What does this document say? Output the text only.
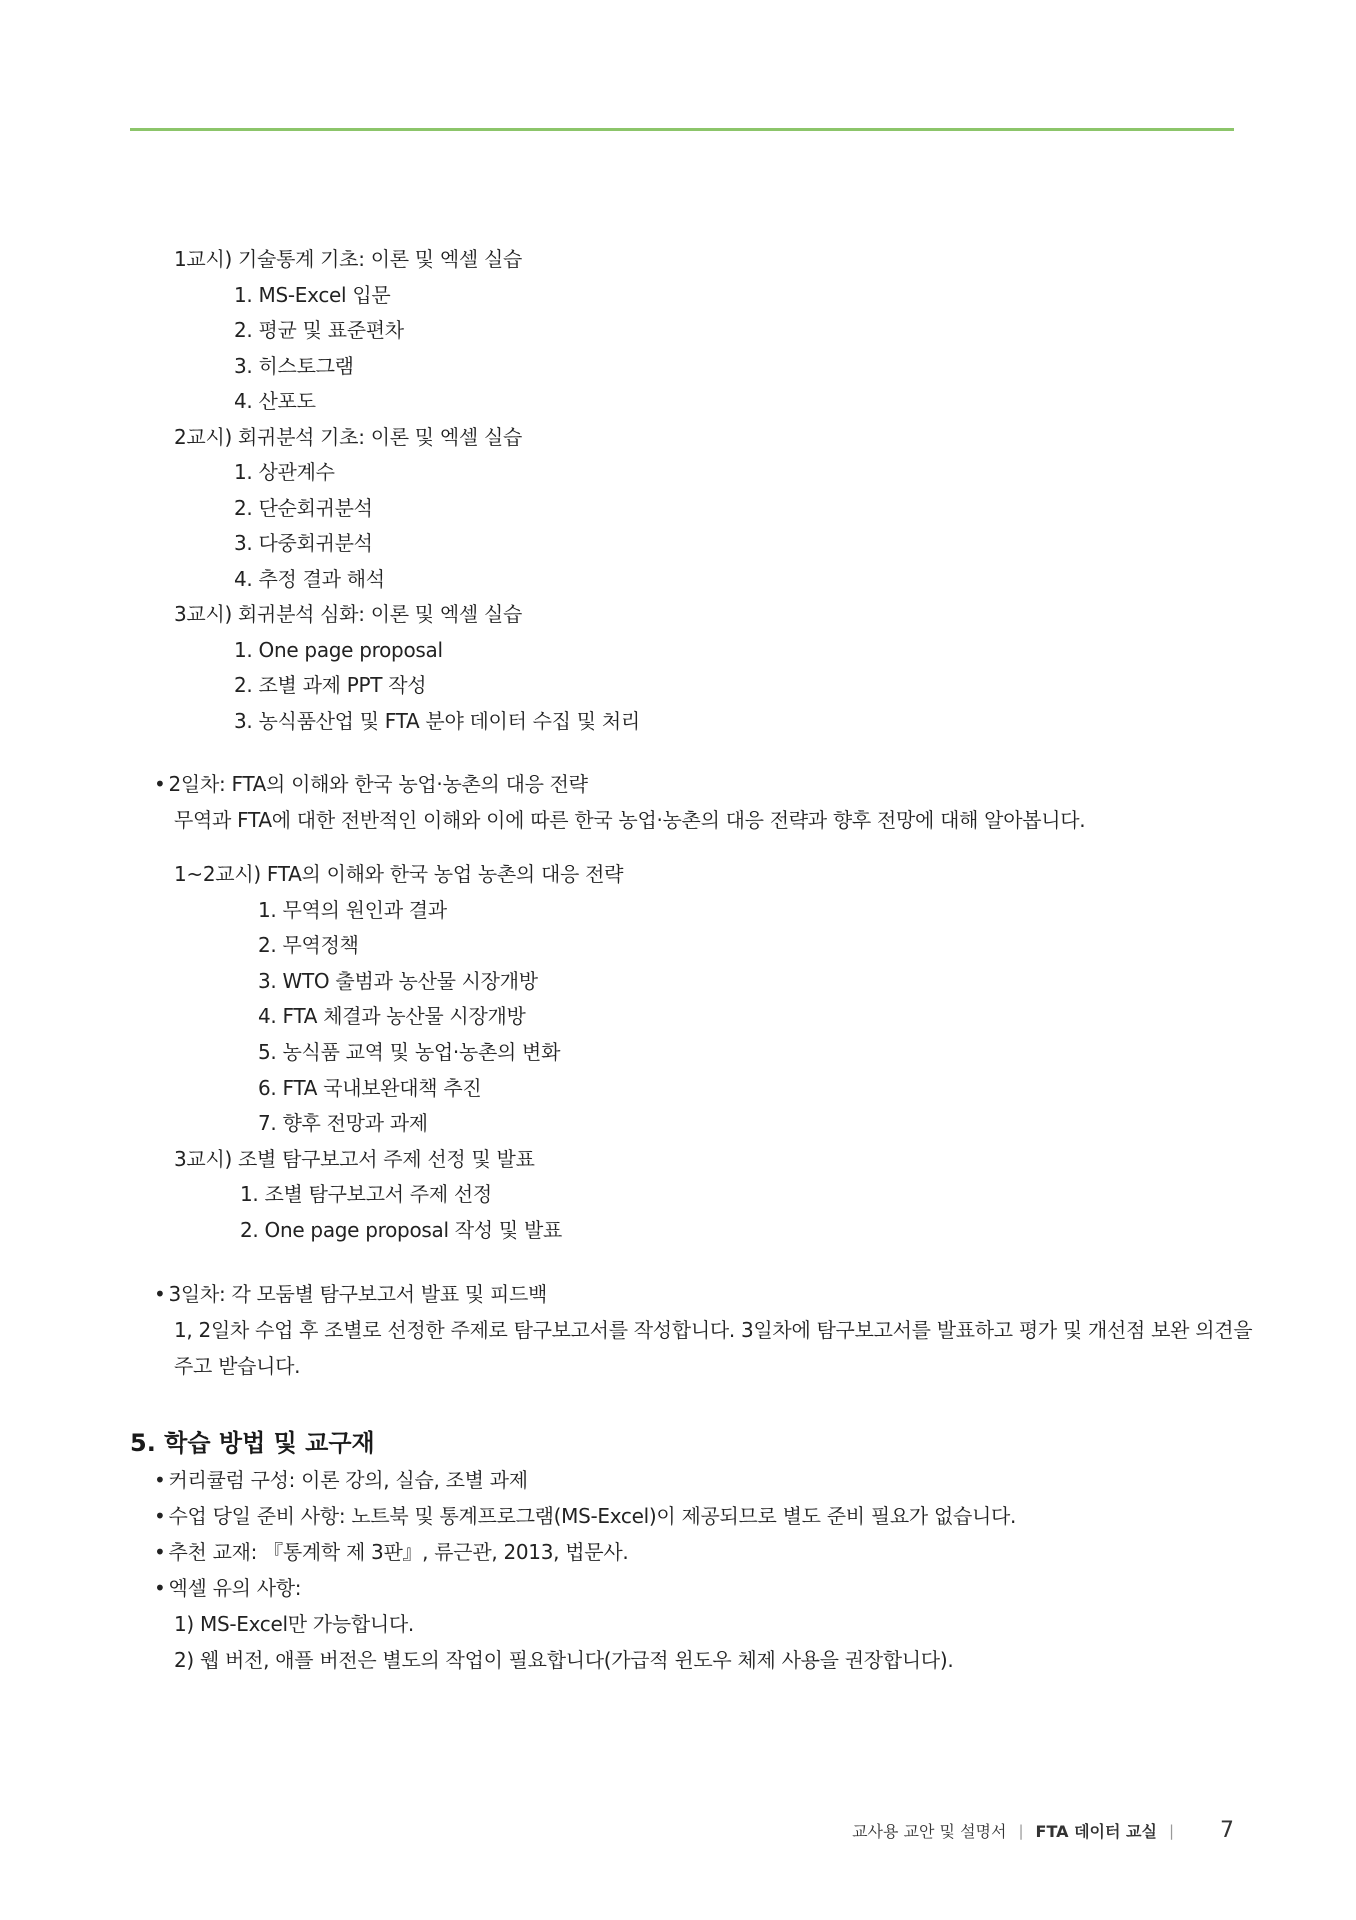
1교시) 기술통계 기초: 이론 및 엑셀 실습
1. MS-Excel 입문
2. 평균 및 표준편차
3. 히스토그램
4. 산포도
2교시) 회귀분석 기초: 이론 및 엑셀 실습
1. 상관계수
2. 단순회귀분석
3. 다중회귀분석
4. 추정 결과 해석
3교시) 회귀분석 심화: 이론 및 엑셀 실습
1. One page proposal
2. 조별 과제 PPT 작성
3. 농식품산업 및 FTA 분야 데이터 수집 및 처리
• 2일차: FTA의 이해와 한국 농업·농촌의 대응 전략
무역과 FTA에 대한 전반적인 이해와 이에 따른 한국 농업·농촌의 대응 전략과 향후 전망에 대해 알아봅니다.
1~2교시) FTA의 이해와 한국 농업 농촌의 대응 전략
1. 무역의 원인과 결과
2. 무역정책
3. WTO 출범과 농산물 시장개방
4. FTA 체결과 농산물 시장개방
5. 농식품 교역 및 농업·농촌의 변화
6. FTA 국내보완대책 추진
7. 향후 전망과 과제
3교시) 조별 탐구보고서 주제 선정 및 발표
1. 조별 탐구보고서 주제 선정
2. One page proposal 작성 및 발표
• 3일차: 각 모둠별 탐구보고서 발표 및 피드백
1, 2일차 수업 후 조별로 선정한 주제로 탐구보고서를 작성합니다. 3일차에 탐구보고서를 발표하고 평가 및 개선점 보완 의견을
주고 받습니다.
5. 학습 방법 및 교구재
• 커리큘럼 구성: 이론 강의, 실습, 조별 과제
• 수업 당일 준비 사항: 노트북 및 통계프로그램(MS-Excel)이 제공되므로 별도 준비 필요가 없습니다.
• 추천 교재: 『통계학 제 3판』, 류근관, 2013, 법문사.
• 엑셀 유의 사항:
1) MS-Excel만 가능합니다.
2) 웹 버전, 애플 버전은 별도의 작업이 필요합니다(가급적 윈도우 체제 사용을 권장합니다).
교사용 교안 및 설명서 | FTA 데이터 교실 | 7
